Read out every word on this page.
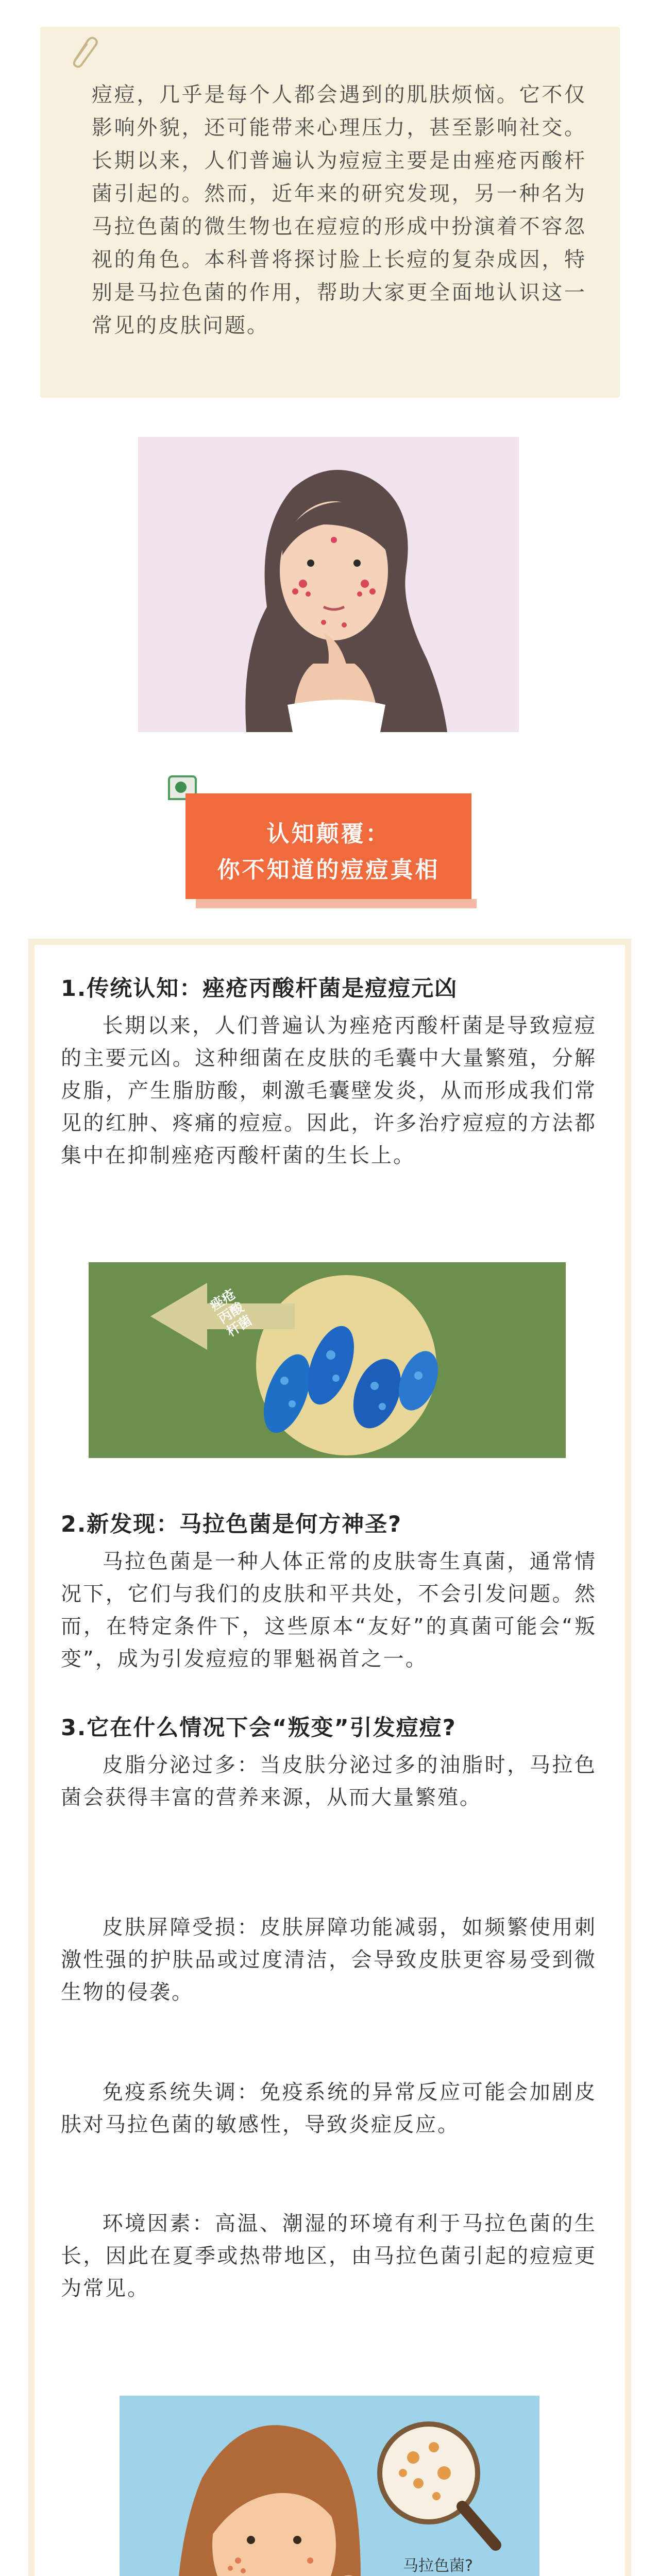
痘痘，几乎是每个人都会遇到的肌肤烦恼。它不仅影响外貌，还可能带来心理压力，甚至影响社交。长期以来，人们普遍认为痘痘主要是由痤疮丙酸杆菌引起的。然而，近年来的研究发现，另一种名为马拉色菌的微生物也在痘痘的形成中扮演着不容忽视的角色。本科普将探讨脸上长痘的复杂成因，特别是马拉色菌的作用，帮助大家更全面地认识这一常见的皮肤问题。

认知颠覆：
你不知道的痘痘真相
1.传统认知：痤疮丙酸杆菌是痘痘元凶

长期以来，人们普遍认为痤疮丙酸杆菌是导致痘痘的主要元凶。这种细菌在皮肤的毛囊中大量繁殖，分解皮脂，产生脂肪酸，刺激毛囊壁发炎，从而形成我们常见的红肿、疼痛的痘痘。因此，许多治疗痘痘的方法都集中在抑制痤疮丙酸杆菌的生长上。

痤疮丙酸杆菌
2.新发现：马拉色菌是何方神圣?

马拉色菌是一种人体正常的皮肤寄生真菌，通常情况下，它们与我们的皮肤和平共处，不会引发问题。然而，在特定条件下，这些原本“友好”的真菌可能会“叛变”，成为引发痘痘的罪魁祸首之一。

3.它在什么情况下会“叛变”引发痘痘?

皮脂分泌过多：当皮肤分泌过多的油脂时，马拉色菌会获得丰富的营养来源，从而大量繁殖。

皮肤屏障受损：皮肤屏障功能减弱，如频繁使用刺激性强的护肤品或过度清洁，会导致皮肤更容易受到微生物的侵袭。

免疫系统失调：免疫系统的异常反应可能会加剧皮肤对马拉色菌的敏感性，导致炎症反应。

环境因素：高温、潮湿的环境有利于马拉色菌的生长，因此在夏季或热带地区，由马拉色菌引起的痘痘更为常见。

马拉色菌?
